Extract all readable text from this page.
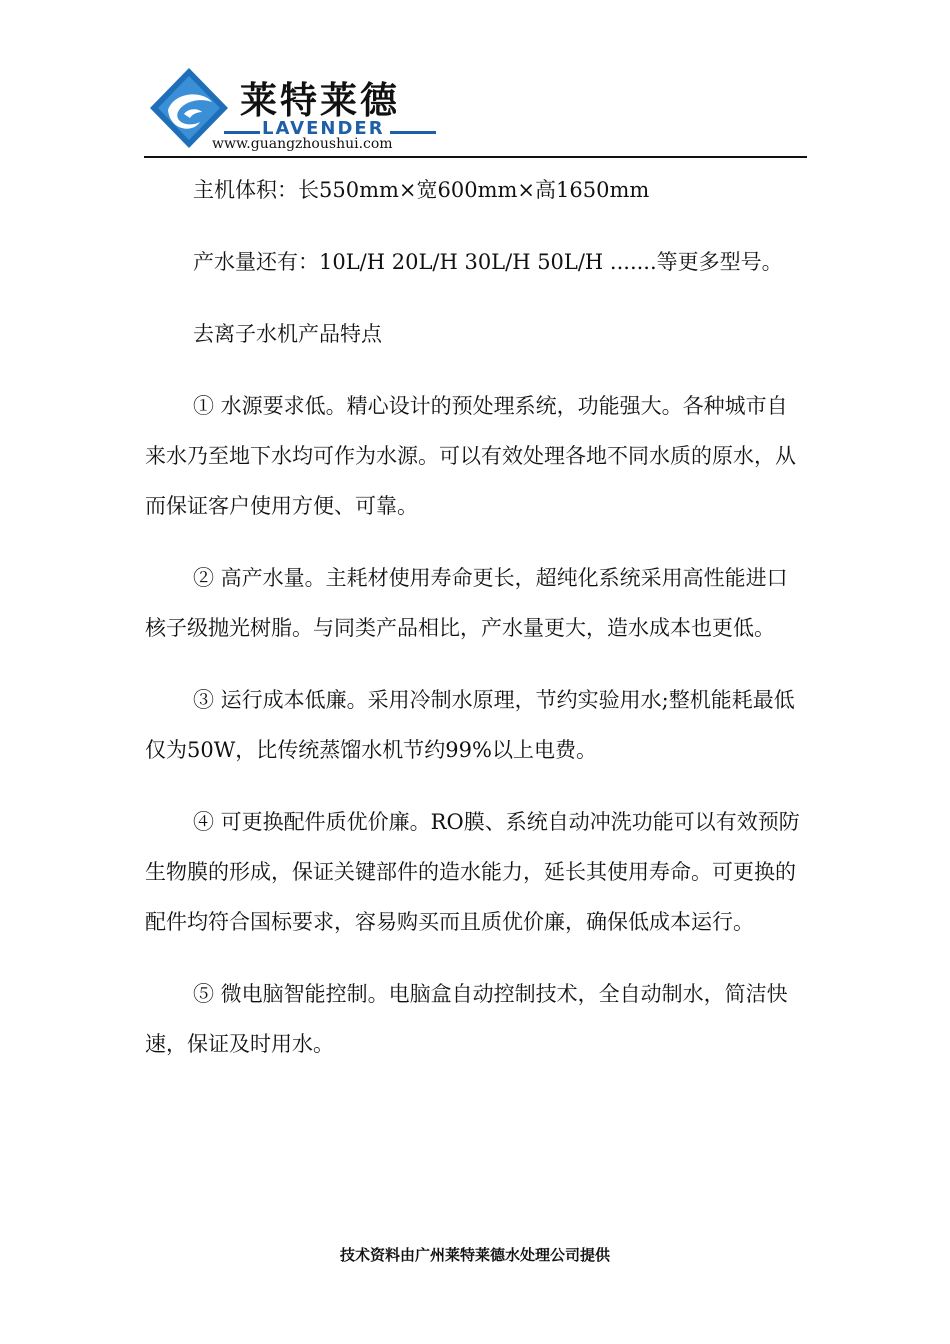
莱特莱德
LAVENDER
www.guangzhoushui.com

主机体积：长550mm×宽600mm×高1650mm

产水量还有：10L/H 20L/H 30L/H 50L/H .......等更多型号。

去离子水机产品特点

① 水源要求低。精心设计的预处理系统，功能强大。各种城市自来水乃至地下水均可作为水源。可以有效处理各地不同水质的原水，从而保证客户使用方便、可靠。

② 高产水量。主耗材使用寿命更长，超纯化系统采用高性能进口核子级抛光树脂。与同类产品相比，产水量更大，造水成本也更低。

③ 运行成本低廉。采用冷制水原理，节约实验用水;整机能耗最低仅为50W，比传统蒸馏水机节约99%以上电费。

④ 可更换配件质优价廉。RO膜、系统自动冲洗功能可以有效预防生物膜的形成，保证关键部件的造水能力，延长其使用寿命。可更换的配件均符合国标要求，容易购买而且质优价廉，确保低成本运行。

⑤ 微电脑智能控制。电脑盒自动控制技术，全自动制水，简洁快速，保证及时用水。

技术资料由广州莱特莱德水处理公司提供
